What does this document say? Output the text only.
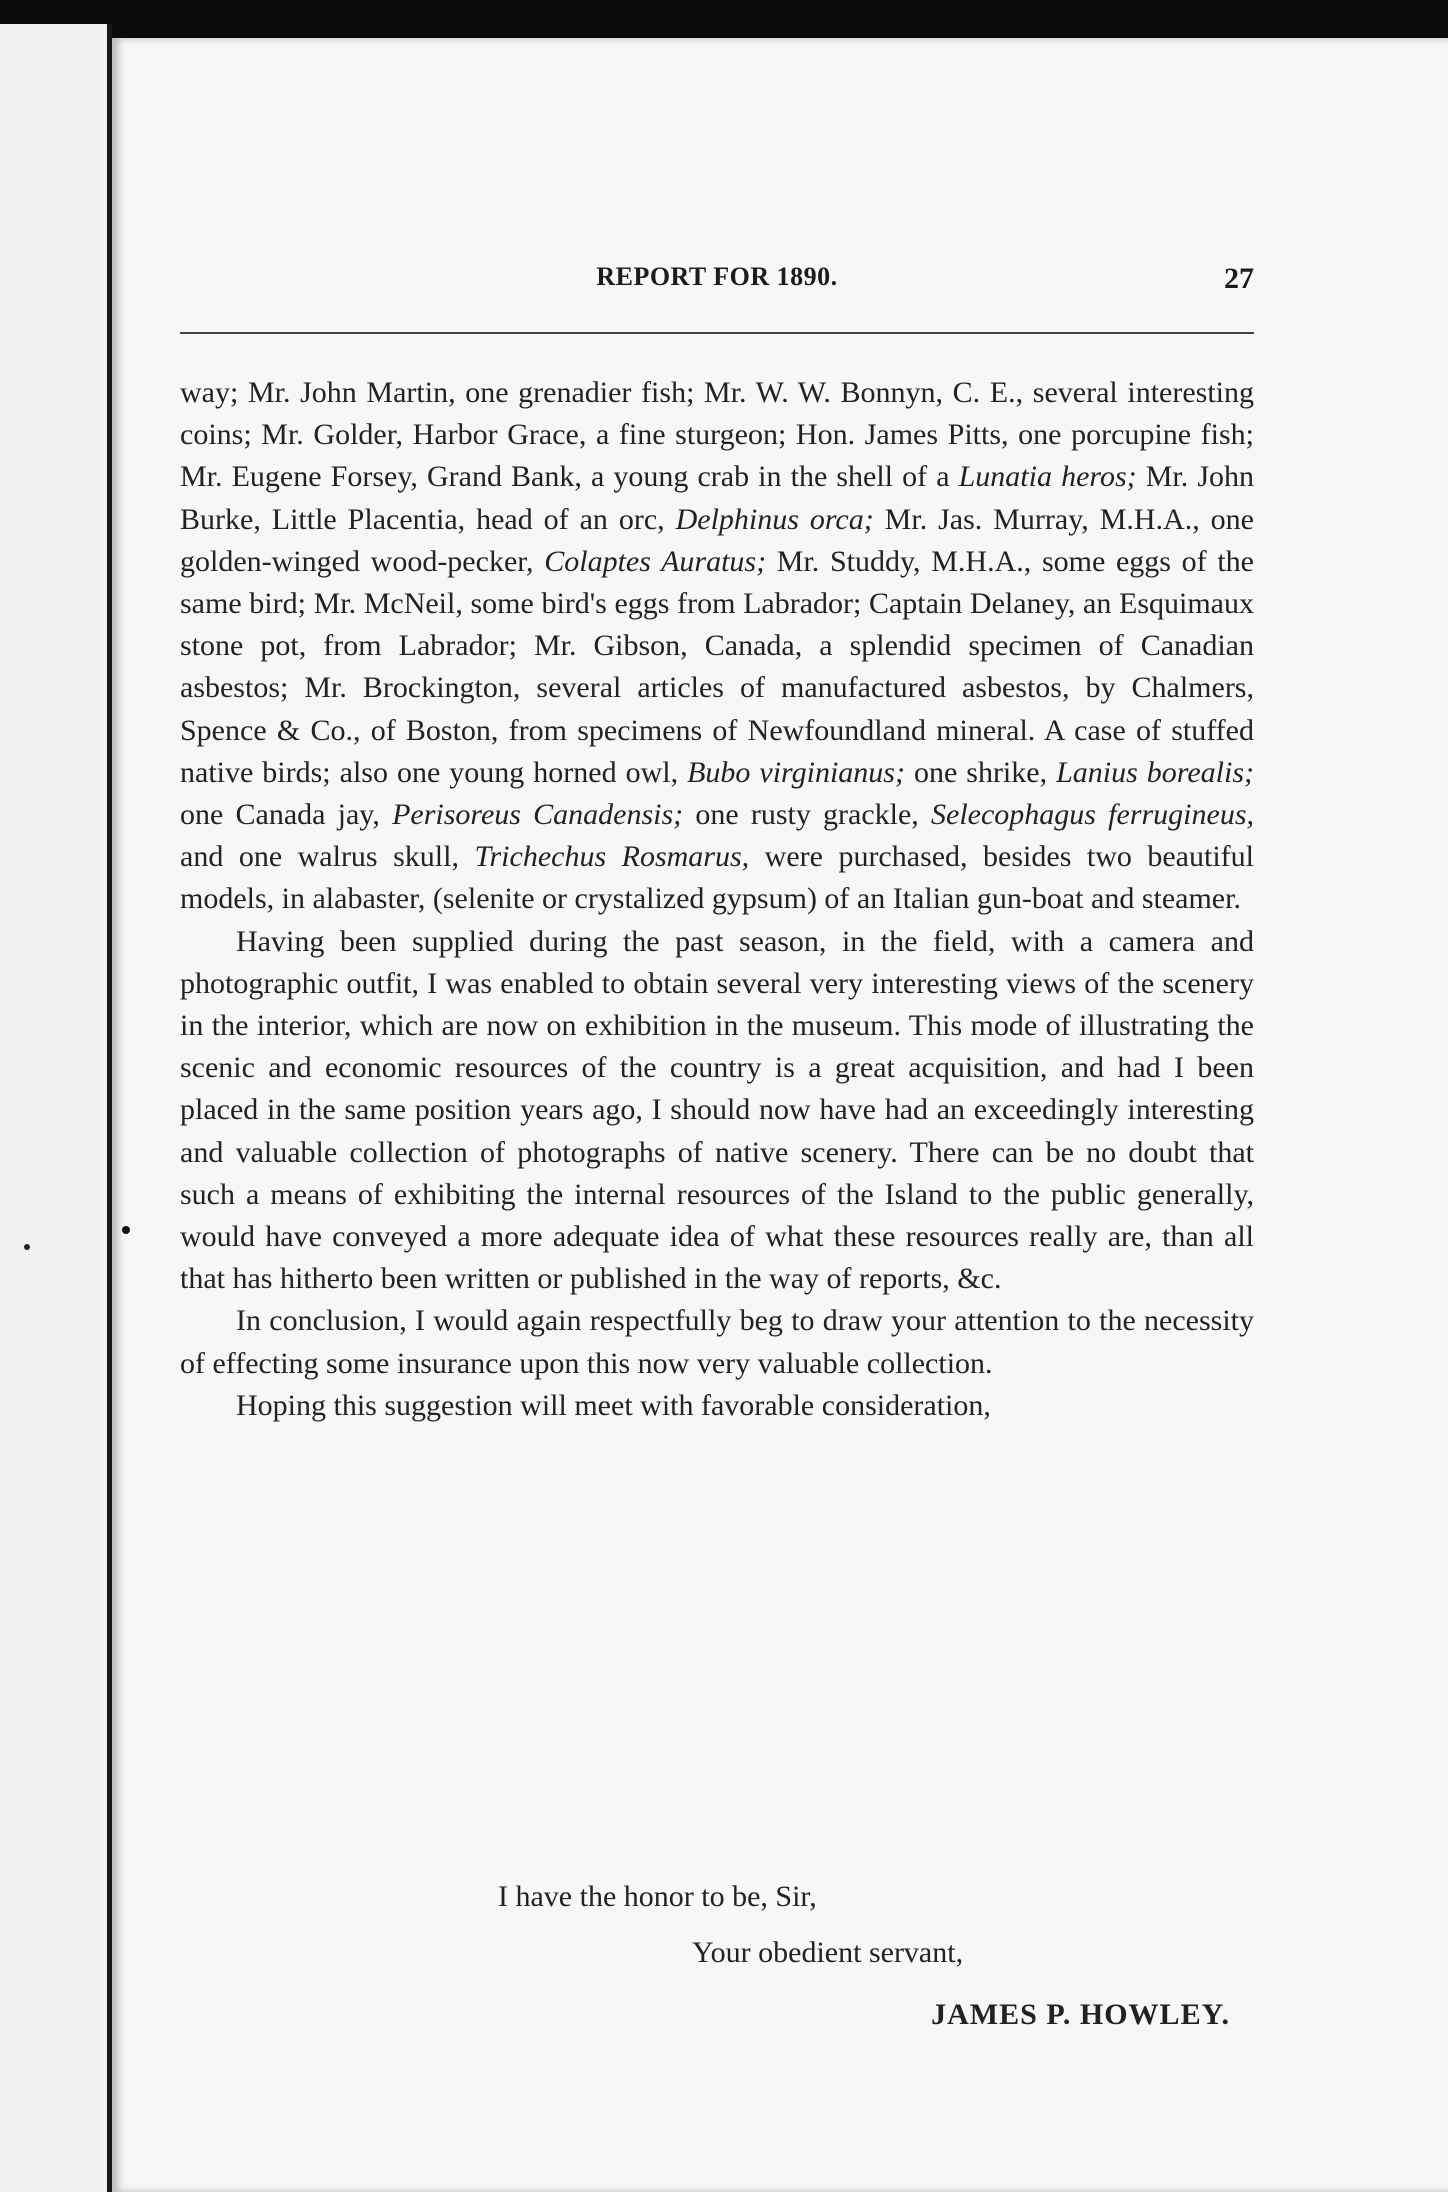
REPORT FOR 1890.	27

way; Mr. John Martin, one grenadier fish; Mr. W. W. Bonnyn, C. E., several interesting coins; Mr. Golder, Harbor Grace, a fine sturgeon; Hon. James Pitts, one porcupine fish; Mr. Eugene Forsey, Grand Bank, a young crab in the shell of a Lunatia heros; Mr. John Burke, Little Placentia, head of an orc, Delphinus orca; Mr. Jas. Murray, M.H.A., one golden-winged wood-pecker, Colaptes Auratus; Mr. Studdy, M.H.A., some eggs of the same bird; Mr. McNeil, some bird's eggs from Labrador; Captain Delaney, an Esquimaux stone pot, from Labrador; Mr. Gibson, Canada, a splendid specimen of Canadian asbestos; Mr. Brockington, several articles of manufactured asbestos, by Chalmers, Spence & Co., of Boston, from specimens of Newfoundland mineral. A case of stuffed native birds; also one young horned owl, Bubo virginianus; one shrike, Lanius borealis; one Canada jay, Perisoreus Canadensis; one rusty grackle, Selecophagus ferrugineus, and one walrus skull, Trichechus Rosmarus, were purchased, besides two beautiful models, in alabaster, (selenite or crystalized gypsum) of an Italian gun-boat and steamer.

Having been supplied during the past season, in the field, with a camera and photographic outfit, I was enabled to obtain several very interesting views of the scenery in the interior, which are now on exhibition in the museum. This mode of illustrating the scenic and economic resources of the country is a great acquisition, and had I been placed in the same position years ago, I should now have had an exceedingly interesting and valuable collection of photographs of native scenery. There can be no doubt that such a means of exhibiting the internal resources of the Island to the public generally, would have conveyed a more adequate idea of what these resources really are, than all that has hitherto been written or published in the way of reports, &c.

In conclusion, I would again respectfully beg to draw your attention to the necessity of effecting some insurance upon this now very valuable collection.

Hoping this suggestion will meet with favorable consideration,

I have the honor to be, Sir,
Your obedient servant,
JAMES P. HOWLEY.
